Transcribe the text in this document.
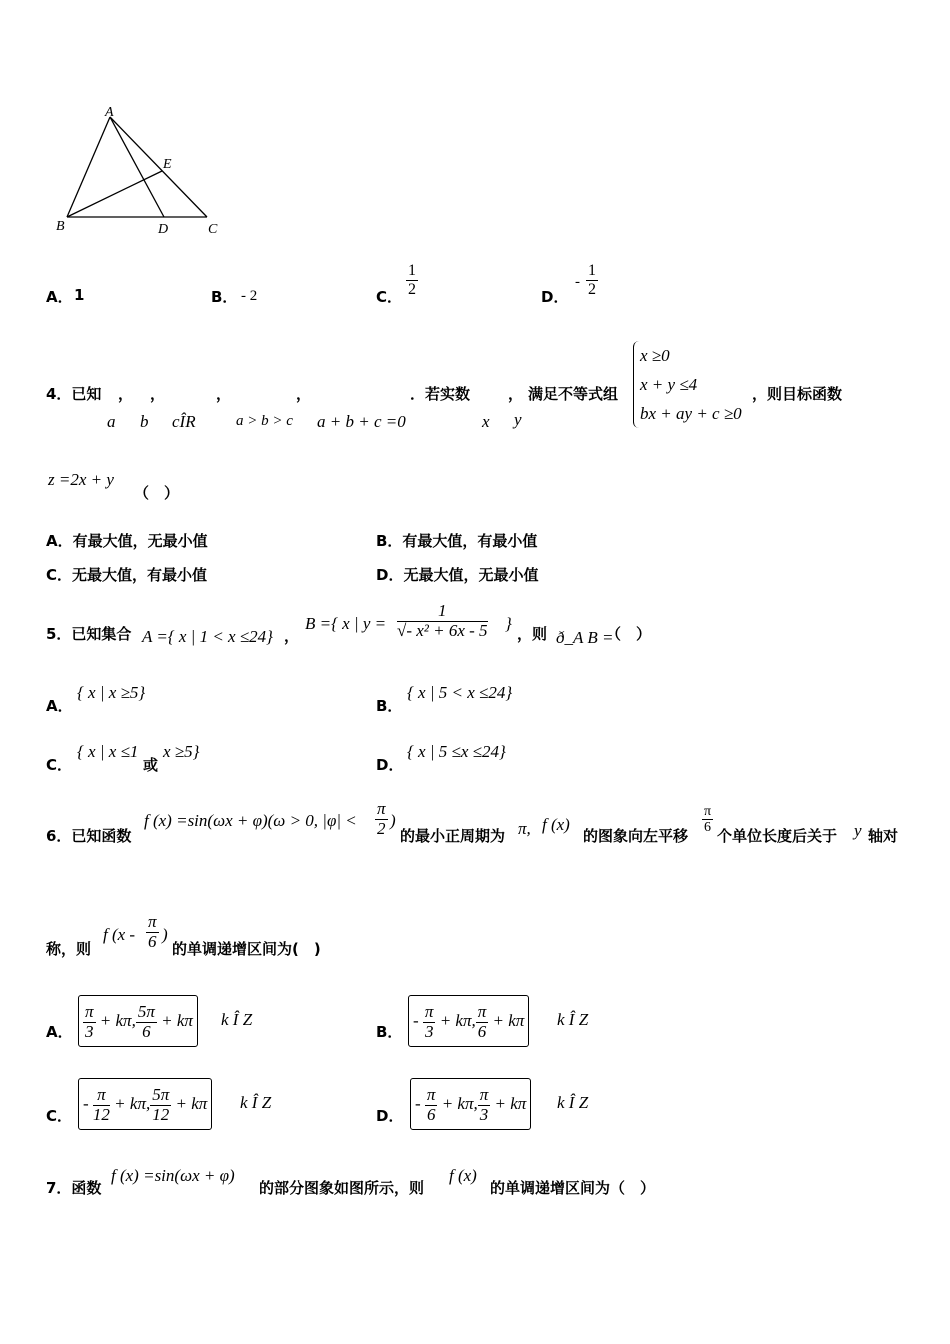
A
E
B	D	C
A． 1	B． - 2	C． $\frac{1}{2}$	D．
- $\frac{1}{2}$
4．已知 ， ，	，	，	．若实数	， 满足不等式组	，则目标函数
a b cÎR	a > b > c a + b + c =0	x y
x ≥0
x + y ≤4
bx + ay + c ≥0
z =2x + y
（　）
A．有最大值，无最小值	B．有最大值，有最小值
C．无最大值，有最小值	D．无最大值，无最小值
5．已知集合 A ={ x | 1 < x ≤24} ，
B ={ x | $y = \frac{1}{\text{√- x² + 6x - 5}}$ }
，则 ð_A B =
（　）
A．
{ x | x ≥5}
B．
{ x | 5 < x ≤24}
C．
{ x | x ≤1
或
x ≥5}
D．
{ x | 5 ≤x ≤24}
6．已知函数
f (x) =sin(ωx + φ)(ω > 0, $|\varphi| < \frac{\pi}{2}$ )
的最小正周期为 π, f (x)
的图象向左平移
$\frac{\pi}{6}$
个单位长度后关于 y 轴对
称，则
f ($x - \frac{\pi}{6}$ )
的单调递增区间为(　)
A． $\frac{\pi}{3} + k\pi$, $\frac{5\pi}{6} + k\pi$ k Î Z
B．
- $\frac{\pi}{3} + k\pi$, $\frac{\pi}{6} + k\pi$ k Î Z
C．
- $\frac{\pi}{12} + k\pi$, $\frac{5\pi}{12} + k\pi$ k Î Z
D．
- $\frac{\pi}{6} + k\pi$, $\frac{\pi}{3} + k\pi$ k Î Z
7．函数
f (x) =sin(ωx + φ)
的部分图象如图所示，则
f (x)
的单调递增区间为（　）
